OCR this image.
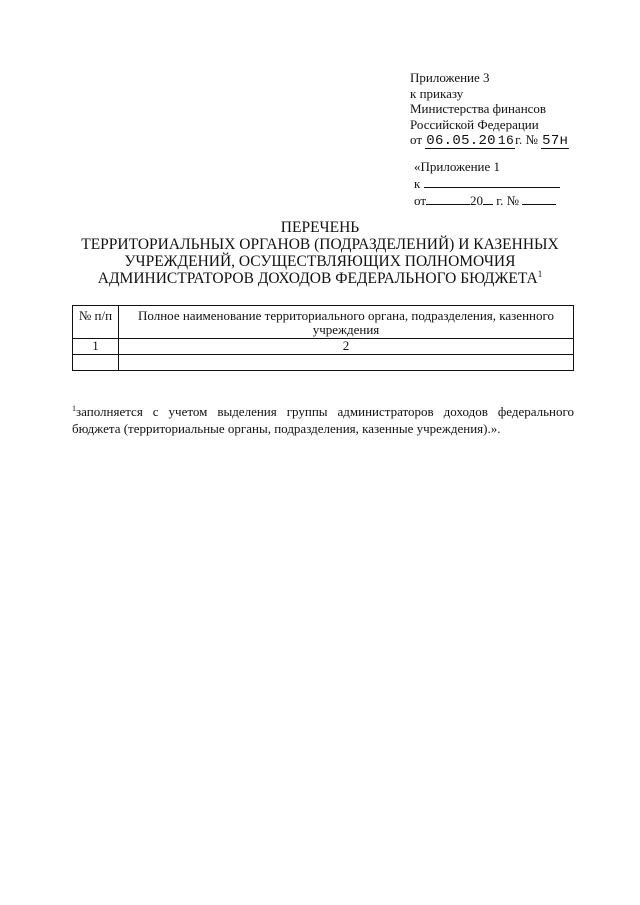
Приложение 3
к приказу
Министерства финансов
Российской Федерации
от 06.05.20 16г. № 57н
«Приложение 1
к
от	20 г. №
ПЕРЕЧЕНЬ
ТЕРРИТОРИАЛЬНЫХ ОРГАНОВ (ПОДРАЗДЕЛЕНИЙ) И КАЗЕННЫХ
УЧРЕЖДЕНИЙ, ОСУЩЕСТВЛЯЮЩИХ ПОЛНОМОЧИЯ
АДМИНИСТРАТОРОВ ДОХОДОВ ФЕДЕРАЛЬНОГО БЮДЖЕТА$^1$
№ п/п	Полное наименование территориального органа, подразделения, казенного учреждения
1	2

$^1$заполняется с учетом выделения группы администраторов доходов федерального бюджета (территориальные органы, подразделения, казенные учреждения).».
